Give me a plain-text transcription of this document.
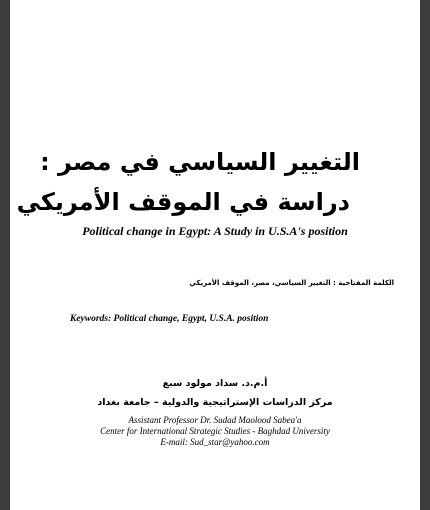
التغيير السياسي في مصر :
دراسة في الموقف الأمريكي
Political change in Egypt: A Study in U.S.A's position
الكلمة المفتاحية : التغيير السياسي، مصر، الموقف الأمريكي
Keywords: Political change, Egypt, U.S.A. position
أ.م.د. سداد مولود سبع
مركز الدراسات الإستراتيجية والدولية – جامعة بغداد
Assistant Professor Dr. Sudad Maolood Sabea'a
Center for International Strategic Studies - Baghdad University
E-mail: Sud_star@yahoo.com
